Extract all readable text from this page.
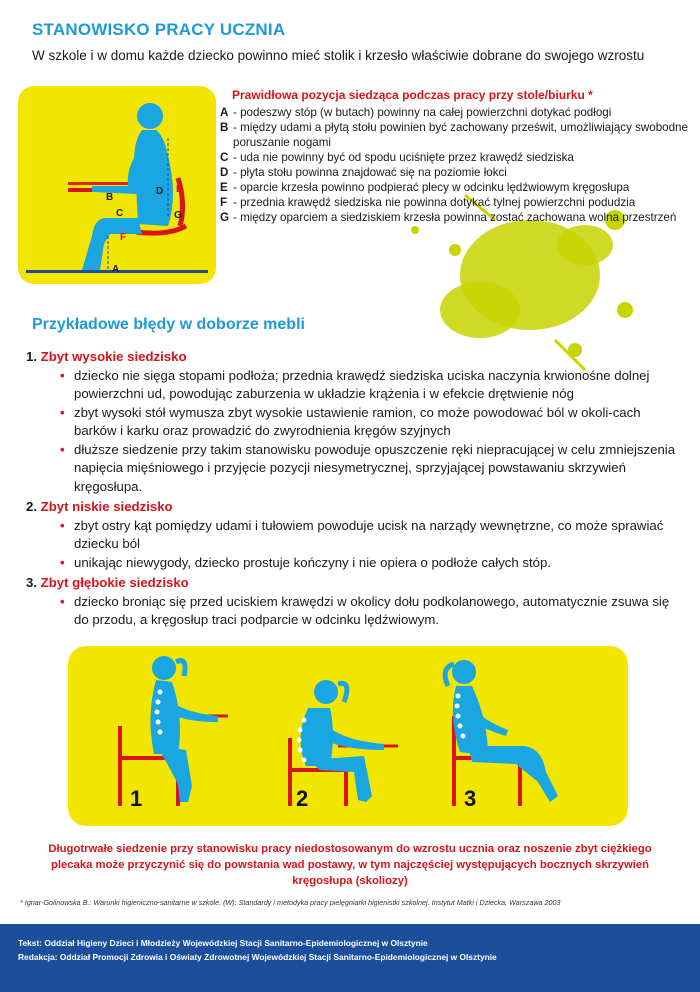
STANOWISKO PRACY UCZNIA
W szkole i w domu każde dziecko powinno mieć stolik i krzesło właściwie dobrane do swojego wzrostu
A
B
C
D E
F
G
Prawidłowa pozycja siedząca podczas pracy przy stole/biurku *
A - podeszwy stóp (w butach) powinny na całej powierzchni dotykać podłogi
B - między udami a płytą stołu powinien być zachowany prześwit, umożliwiający swobodne poruszanie nogami
C - uda nie powinny być od spodu uciśnięte przez krawędź siedziska
D - płyta stołu powinna znajdować się na poziomie łokci
E - oparcie krzesła powinno podpierać plecy w odcinku lędźwiowym kręgosłupa
F - przednia krawędź siedziska nie powinna dotykać tylnej powierzchni podudzia
G - między oparciem a siedziskiem krzesła powinna zostać zachowana wolna przestrzeń
Przykładowe błędy w doborze mebli
1. Zbyt wysokie siedzisko
• dziecko nie sięga stopami podłoża; przednia krawędź siedziska uciska naczynia krwionośne dolnej powierzchni ud, powodując zaburzenia w układzie krążenia i w efekcie drętwienie nóg
• zbyt wysoki stół wymusza zbyt wysokie ustawienie ramion, co może powodować ból w okoli-cach barków i karku oraz prowadzić do zwyrodnienia kręgów szyjnych
• dłuższe siedzenie przy takim stanowisku powoduje opuszczenie ręki niepracującej w celu zmniejszenia napięcia mięśniowego i przyjęcie pozycji niesymetrycznej, sprzyjającej powstawaniu skrzywień kręgosłupa.
2. Zbyt niskie siedzisko
• zbyt ostry kąt pomiędzy udami i tułowiem powoduje ucisk na narządy wewnętrzne, co może sprawiać dziecku ból
• unikając niewygody, dziecko prostuje kończyny i nie opiera o podłoże całych stóp.
3. Zbyt głębokie siedzisko
• dziecko broniąc się przed uciskiem krawędzi w okolicy dołu podkolanowego, automatycznie zsuwa się do przodu, a kręgosłup traci podparcie w odcinku lędźwiowym.
1	2	3
Długotrwałe siedzenie przy stanowisku pracy niedostosowanym do wzrostu ucznia oraz noszenie zbyt ciężkiego plecaka może przyczynić się do powstania wad postawy, w tym najczęściej występujących bocznych skrzywień kręgosłupa (skoliozy)
* Ignar-Golinowska B.: Warunki higieniczno-sanitarne w szkole. (W): Standardy i metodyka pracy pielęgniarki higienistki szkolnej. Instytut Matki i Dziecka, Warszawa 2003
Tekst: Oddział Higieny Dzieci i Młodzieży Wojewódzkiej Stacji Sanitarno-Epidemiologicznej w Olsztynie
Redakcja: Oddział Promocji Zdrowia i Oświaty Zdrowotnej Wojewódzkiej Stacji Sanitarno-Epidemiologicznej w Olsztynie
